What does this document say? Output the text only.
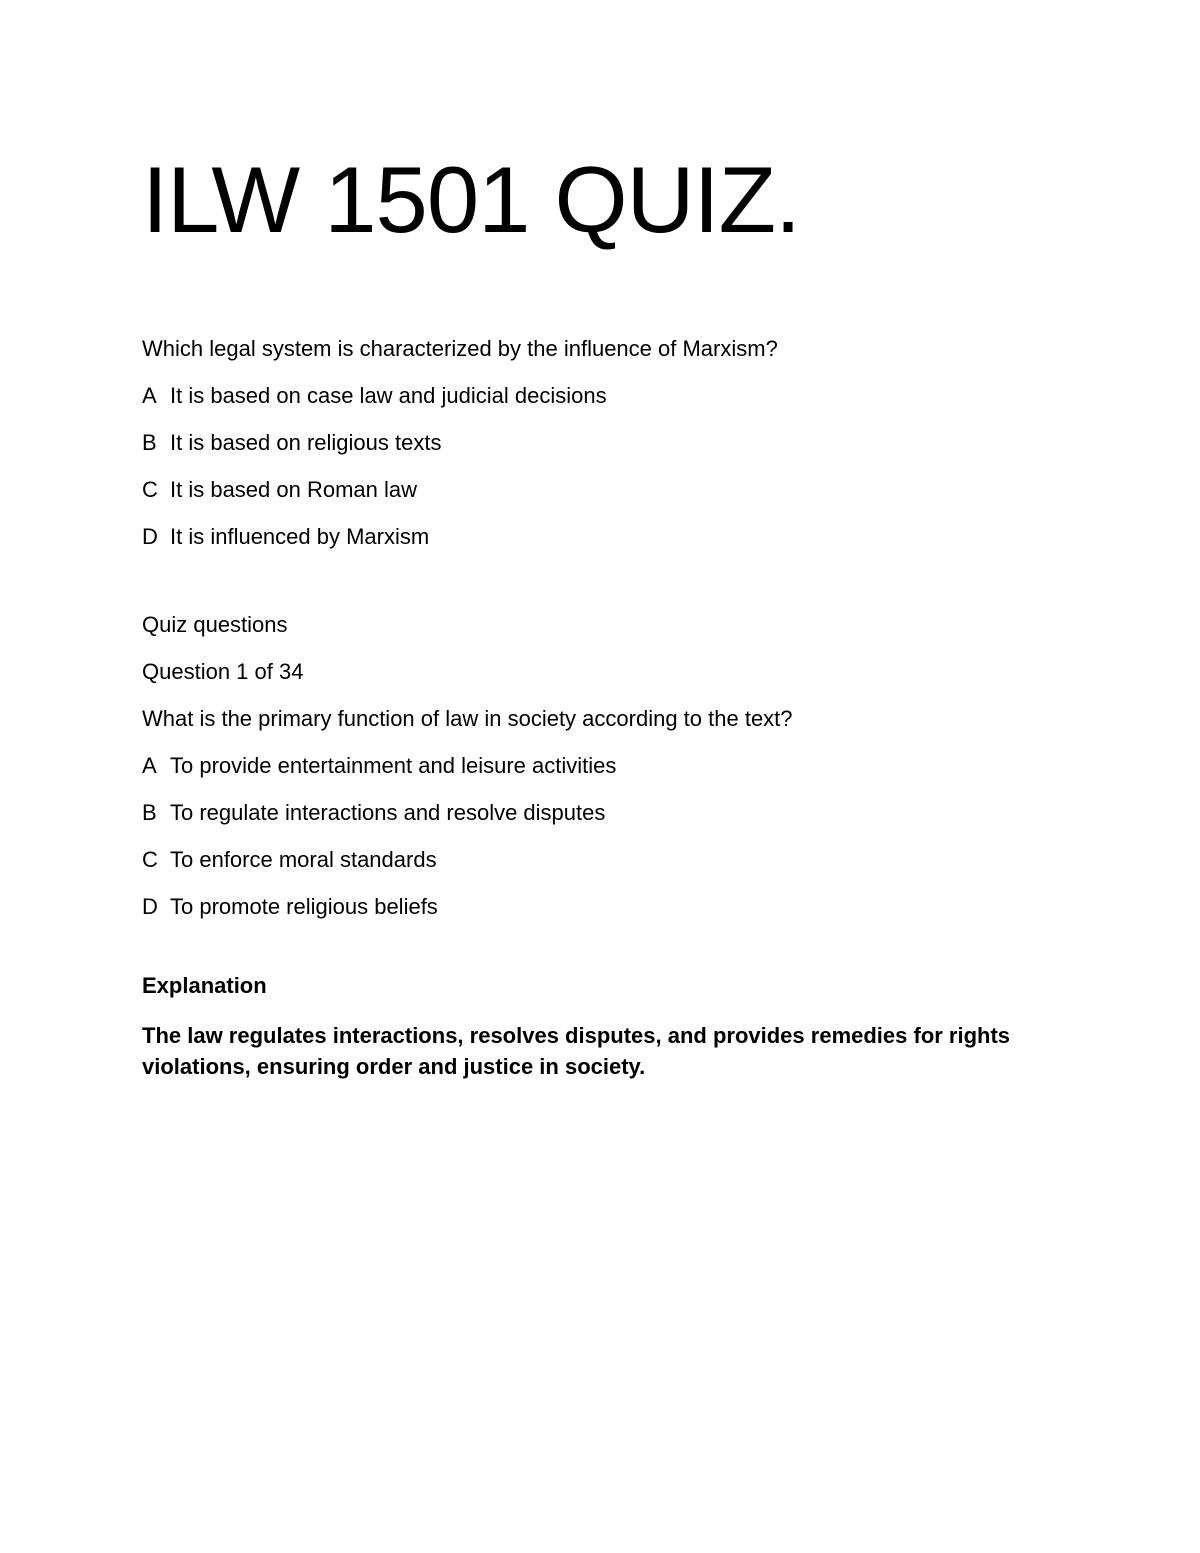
ILW 1501 QUIZ.

Which legal system is characterized by the influence of Marxism?

A It is based on case law and judicial decisions

B It is based on religious texts

C It is based on Roman law

D It is influenced by Marxism

Quiz questions

Question 1 of 34

What is the primary function of law in society according to the text?

A To provide entertainment and leisure activities

B To regulate interactions and resolve disputes

C To enforce moral standards

D To promote religious beliefs

Explanation

The law regulates interactions, resolves disputes, and provides remedies for rights violations, ensuring order and justice in society.
